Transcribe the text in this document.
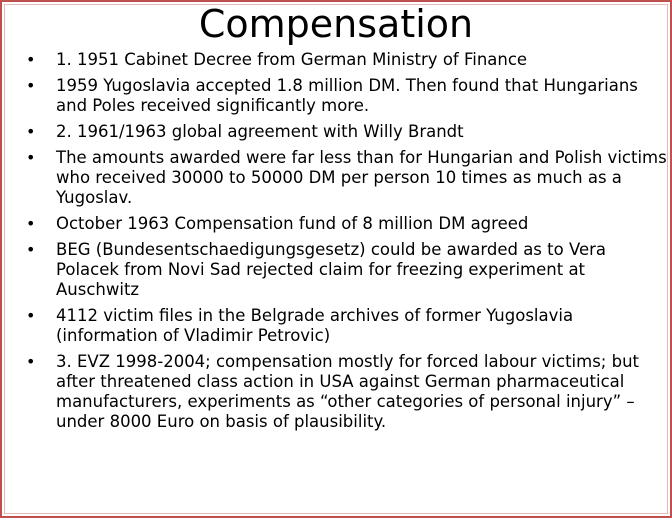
Compensation
• 1. 1951 Cabinet Decree from German Ministry of Finance
• 1959 Yugoslavia accepted 1.8 million DM. Then found that Hungarians and Poles received significantly more.
• 2. 1961/1963 global agreement with Willy Brandt
• The amounts awarded were far less than for Hungarian and Polish victims who received 30000 to 50000 DM per person 10 times as much as a Yugoslav.
• October 1963 Compensation fund of 8 million DM agreed
• BEG (Bundesentschaedigungsgesetz) could be awarded as to Vera Polacek from Novi Sad rejected claim for freezing experiment at Auschwitz
• 4112 victim files in the Belgrade archives of former Yugoslavia (information of Vladimir Petrovic)
• 3. EVZ 1998-2004; compensation mostly for forced labour victims; but after threatened class action in USA against German pharmaceutical manufacturers, experiments as “other categories of personal injury” – under 8000 Euro on basis of plausibility.
